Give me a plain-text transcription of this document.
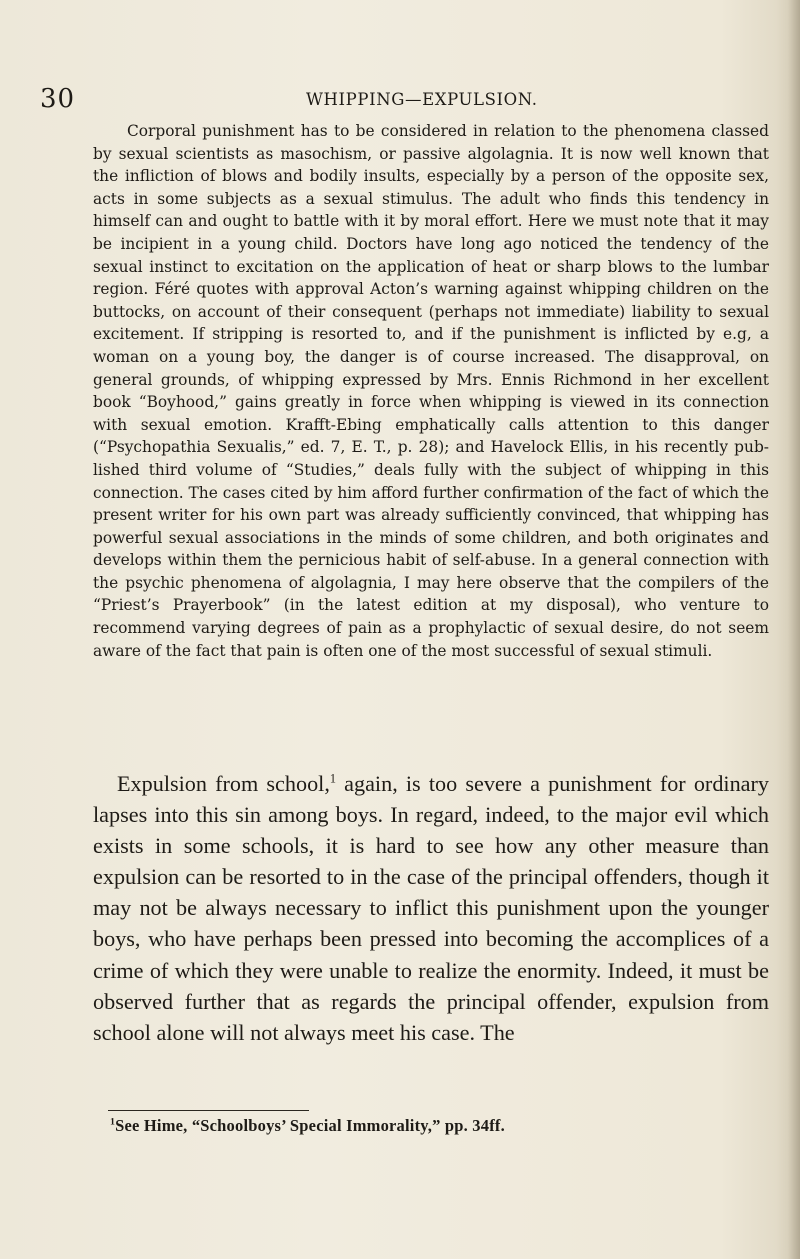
30	WHIPPING—EXPULSION.

Corporal punishment has to be considered in relation to the phenomena classed by sexual scientists as masochism, or passive algolagnia. It is now well known that the infliction of blows and bodily insults, especially by a person of the opposite sex, acts in some subjects as a sexual stimulus. The adult who finds this tendency in himself can and ought to battle with it by moral effort. Here we must note that it may be incipient in a young child. Doctors have long ago noticed the tendency of the sexual instinct to excitation on the application of heat or sharp blows to the lumbar region. Féré quotes with approval Acton’s warning against whipping children on the buttocks, on account of their consequent (perhaps not immediate) liability to sexual excitement. If stripping is resorted to, and if the punishment is inflicted by e.g, a woman on a young boy, the danger is of course increased. The disapproval, on general grounds, of whipping expressed by Mrs. Ennis Richmond in her excellent book “Boyhood,” gains greatly in force when whipping is viewed in its connection with sexual emotion. Krafft-Ebing emphatically calls attention to this danger (“Psychopathia Sexualis,” ed. 7, E. T., p. 28); and Havelock Ellis, in his recently published third volume of “Studies,” deals fully with the subject of whipping in this connection. The cases cited by him afford further confirmation of the fact of which the present writer for his own part was already sufficiently convinced, that whipping has powerful sexual associations in the minds of some children, and both originates and develops within them the pernicious habit of self-abuse. In a general connection with the psychic phenomena of algolagnia, I may here observe that the compilers of the “Priest’s Prayerbook” (in the latest edition at my disposal), who venture to recommend varying degrees of pain as a prophylactic of sexual desire, do not seem aware of the fact that pain is often one of the most successful of sexual stimuli.

Expulsion from school,$^1$ again, is too severe a punishment for ordinary lapses into this sin among boys. In regard, indeed, to the major evil which exists in some schools, it is hard to see how any other measure than expulsion can be resorted to in the case of the principal offenders, though it may not be always necessary to inflict this punishment upon the younger boys, who have perhaps been pressed into becoming the accomplices of a crime of which they were unable to realize the enormity. Indeed, it must be observed further that as regards the principal offender, expulsion from school alone will not always meet his case. The

$^1$See Hime, “Schoolboys’ Special Immorality,” pp. 34ff.
